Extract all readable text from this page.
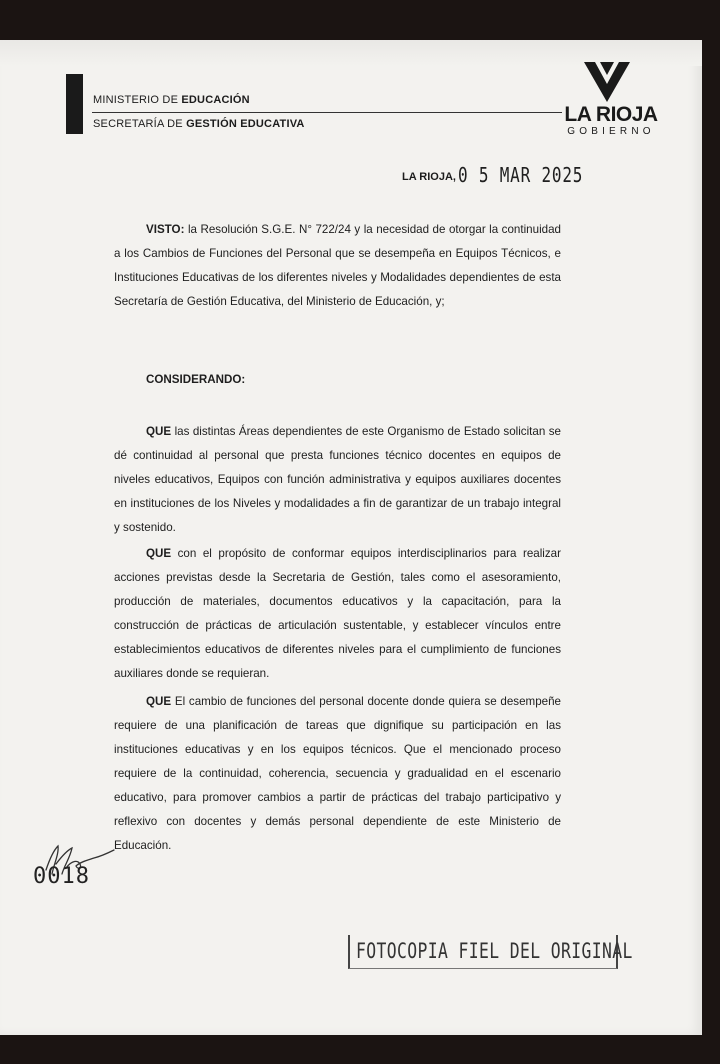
MINISTERIO DE EDUCACIÓN
SECRETARÍA DE GESTIÓN EDUCATIVA	LA RIOJA
GOBIERNO
LA RIOJA, 0 5 MAR 2025

VISTO: la Resolución S.G.E. N° 722/24 y la necesidad de otorgar la continuidad a los Cambios de Funciones del Personal que se desempeña en Equipos Técnicos, e Instituciones Educativas de los diferentes niveles y Modalidades dependientes de esta Secretaría de Gestión Educativa, del Ministerio de Educación, y;

CONSIDERANDO:

QUE las distintas Áreas dependientes de este Organismo de Estado solicitan se dé continuidad al personal que presta funciones técnico docentes en equipos de niveles educativos, Equipos con función administrativa y equipos auxiliares docentes en instituciones de los Niveles y modalidades a fin de garantizar de un trabajo integral y sostenido.

QUE con el propósito de conformar equipos interdisciplinarios para realizar acciones previstas desde la Secretaria de Gestión, tales como el asesoramiento, producción de materiales, documentos educativos y la capacitación, para la construcción de prácticas de articulación sustentable, y establecer vínculos entre establecimientos educativos de diferentes niveles para el cumplimiento de funciones auxiliares donde se requieran.

QUE El cambio de funciones del personal docente donde quiera se desempeñe requiere de una planificación de tareas que dignifique su participación en las instituciones educativas y en los equipos técnicos. Que el mencionado proceso requiere de la continuidad, coherencia, secuencia y gradualidad en el escenario educativo, para promover cambios a partir de prácticas del trabajo participativo y reflexivo con docentes y demás personal dependiente de este Ministerio de Educación.

0018
FOTOCOPIA FIEL DEL ORIGINAL
